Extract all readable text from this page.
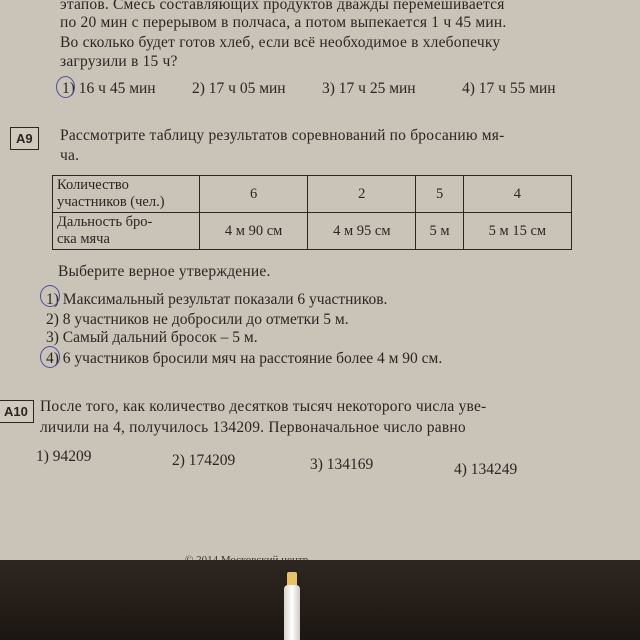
этапов. Смесь составляющих продуктов дважды перемешивается
по 20 мин с перерывом в полчаса, а потом выпекается 1 ч 45 мин.
Во сколько будет готов хлеб, если всё необходимое в хлебопечку
загрузили в 15 ч?
1) 16 ч 45 мин 2) 17 ч 05 мин 3) 17 ч 25 мин	4) 17 ч 55 мин
А9	Рассмотрите таблицу результатов соревнований по бросанию мя-
ча.
Количество
участников (чел.)	6	2	5	4
Дальность бро-
ска мяча	4 м 90 см	4 м 95 см	5 м	5 м 15 см
Выберите верное утверждение.
1) Максимальный результат показали 6 участников.
2) 8 участников не добросили до отметки 5 м.
3) Самый дальний бросок – 5 м.
4) 6 участников бросили мяч на расстояние более 4 м 90 см.
А10 После того, как количество десятков тысяч некоторого числа уве-
личили на 4, получилось 134209. Первоначальное число равно
1) 94209	2) 174209	3) 134169	4) 134249
